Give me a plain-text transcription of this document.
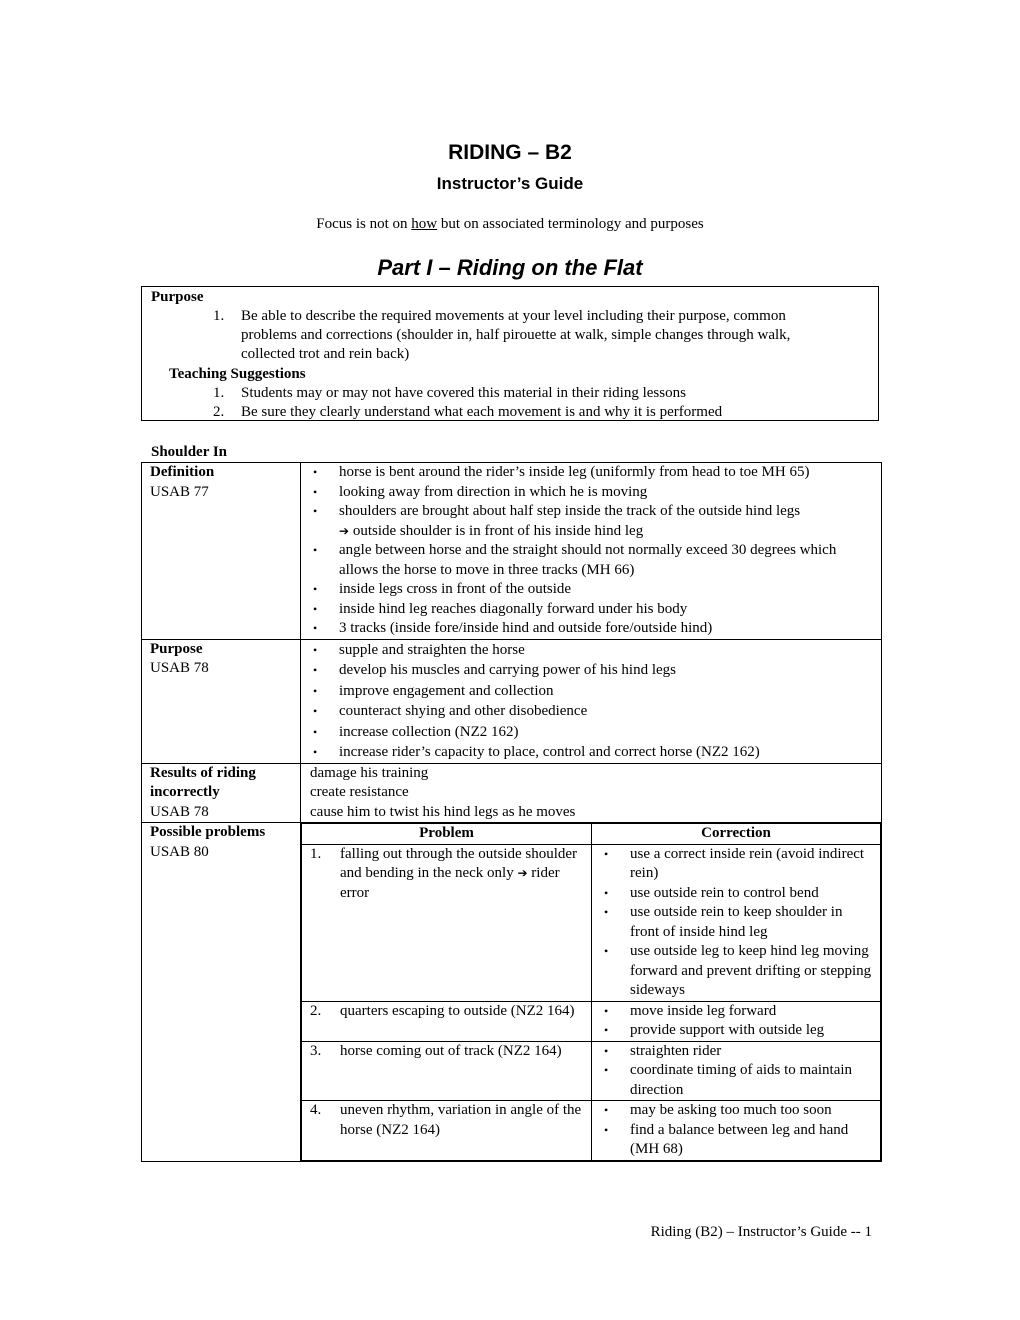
RIDING – B2
Instructor’s Guide
Focus is not on how but on associated terminology and purposes
Part I – Riding on the Flat
Purpose
1. Be able to describe the required movements at your level including their purpose, common
problems and corrections (shoulder in, half pirouette at walk, simple changes through walk,
collected trot and rein back)
Teaching Suggestions
1. Students may or may not have covered this material in their riding lessons
2. Be sure they clearly understand what each movement is and why it is performed
Shoulder In
Definition
USAB 77

• horse is bent around the rider’s inside leg (uniformly from head to toe MH 65)
• looking away from direction in which he is moving
• shoulders are brought about half step inside the track of the outside hind legs
➔ outside shoulder is in front of his inside hind leg
• angle between horse and the straight should not normally exceed 30 degrees which allows the horse to move in three tracks (MH 66)
• inside legs cross in front of the outside
• inside hind leg reaches diagonally forward under his body
• 3 tracks (inside fore/inside hind and outside fore/outside hind)

Purpose
USAB 78

• supple and straighten the horse
• develop his muscles and carrying power of his hind legs
• improve engagement and collection
• counteract shying and other disobedience
• increase collection (NZ2 162)
• increase rider’s capacity to place, control and correct horse (NZ2 162)

Results of riding
incorrectly
USAB 78

damage his training
create resistance
cause him to twist his hind legs as he moves

Possible problems
USAB 80

Problem	Correction

1.	falling out through the outside shoulder and bending in the neck only ➔ rider error

• use a correct inside rein (avoid indirect rein)
• use outside rein to control bend
• use outside rein to keep shoulder in front of inside hind leg
• use outside leg to keep hind leg moving forward and prevent drifting or stepping sideways

2.	quarters escaping to outside (NZ2 164)

•move inside leg forward
• provide support with outside leg

3.	horse coming out of track (NZ2 164)

•straighten rider
• coordinate timing of aids to maintain direction

4.	uneven rhythm, variation in angle of the horse (NZ2 164)

• may be asking too much too soon
• find a balance between leg and hand (MH 68)
Riding (B2) – Instructor’s Guide -- 1
